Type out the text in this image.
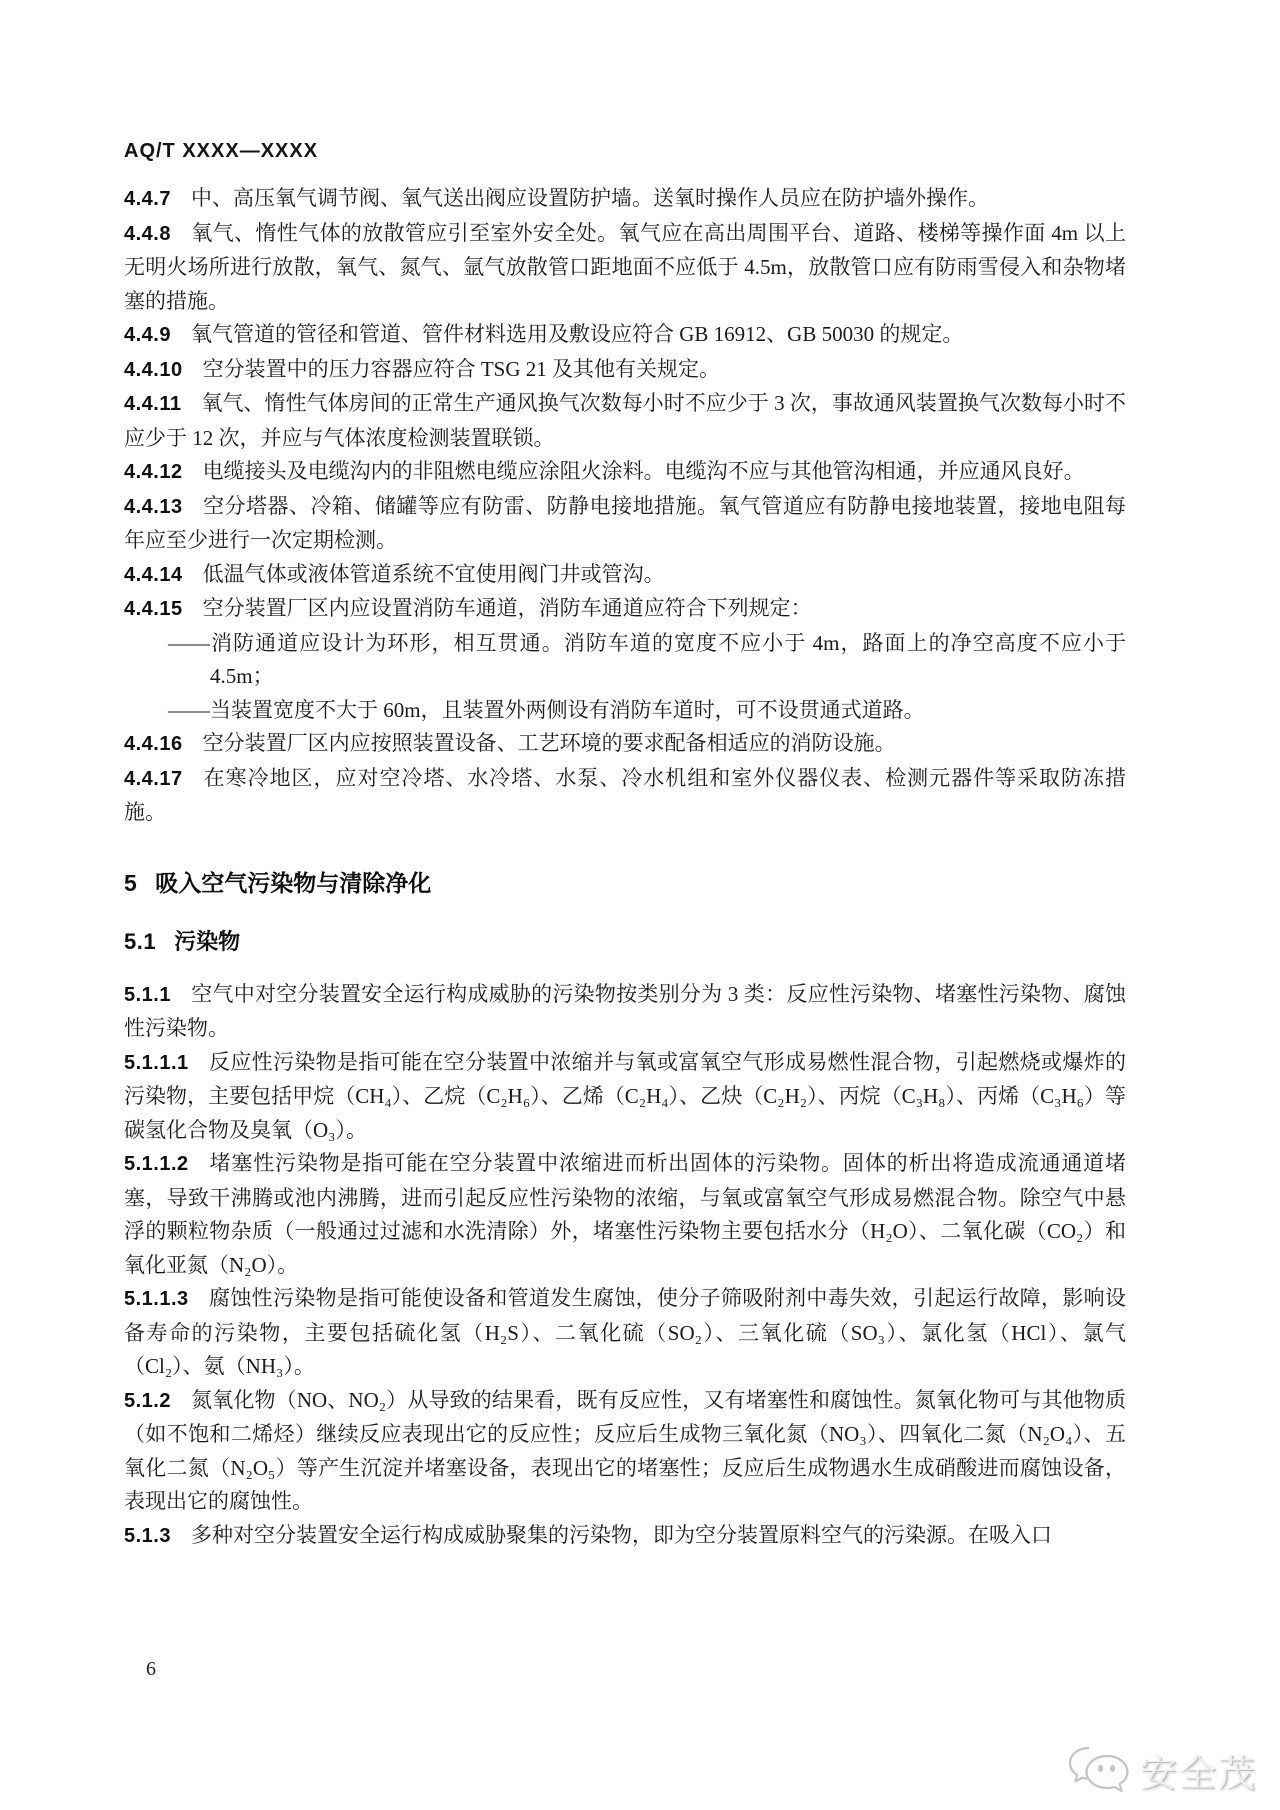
AQ/T XXXX—XXXX

4.4.7 中、高压氧气调节阀、氧气送出阀应设置防护墙。送氧时操作人员应在防护墙外操作。

4.4.8 氧气、惰性气体的放散管应引至室外安全处。氧气应在高出周围平台、道路、楼梯等操作面 4m 以上无明火场所进行放散，氧气、氮气、氩气放散管口距地面不应低于 4.5m，放散管口应有防雨雪侵入和杂物堵塞的措施。

4.4.9 氧气管道的管径和管道、管件材料选用及敷设应符合 GB 16912、GB 50030 的规定。

4.4.10 空分装置中的压力容器应符合 TSG 21 及其他有关规定。

4.4.11 氧气、惰性气体房间的正常生产通风换气次数每小时不应少于 3 次，事故通风装置换气次数每小时不应少于 12 次，并应与气体浓度检测装置联锁。

4.4.12 电缆接头及电缆沟内的非阻燃电缆应涂阻火涂料。电缆沟不应与其他管沟相通，并应通风良好。

4.4.13 空分塔器、冷箱、储罐等应有防雷、防静电接地措施。氧气管道应有防静电接地装置，接地电阻每年应至少进行一次定期检测。

4.4.14 低温气体或液体管道系统不宜使用阀门井或管沟。

4.4.15 空分装置厂区内应设置消防车通道，消防车通道应符合下列规定：

——消防通道应设计为环形，相互贯通。消防车道的宽度不应小于 4m，路面上的净空高度不应小于 4.5m；

——当装置宽度不大于 60m，且装置外两侧设有消防车道时，可不设贯通式道路。

4.4.16 空分装置厂区内应按照装置设备、工艺环境的要求配备相适应的消防设施。

4.4.17 在寒冷地区，应对空冷塔、水冷塔、水泵、冷水机组和室外仪器仪表、检测元器件等采取防冻措施。

5 吸入空气污染物与清除净化

5.1 污染物

5.1.1 空气中对空分装置安全运行构成威胁的污染物按类别分为 3 类：反应性污染物、堵塞性污染物、腐蚀性污染物。

5.1.1.1 反应性污染物是指可能在空分装置中浓缩并与氧或富氧空气形成易燃性混合物，引起燃烧或爆炸的污染物，主要包括甲烷（CH₄）、乙烷（C₂H₆）、乙烯（C₂H₄）、乙炔（C₂H₂）、丙烷（C₃H₈）、丙烯（C₃H₆）等碳氢化合物及臭氧（O₃）。

5.1.1.2 堵塞性污染物是指可能在空分装置中浓缩进而析出固体的污染物。固体的析出将造成流通通道堵塞，导致干沸腾或池内沸腾，进而引起反应性污染物的浓缩，与氧或富氧空气形成易燃混合物。除空气中悬浮的颗粒物杂质（一般通过过滤和水洗清除）外，堵塞性污染物主要包括水分（H₂O）、二氧化碳（CO₂）和氧化亚氮（N₂O）。

5.1.1.3 腐蚀性污染物是指可能使设备和管道发生腐蚀，使分子筛吸附剂中毒失效，引起运行故障，影响设备寿命的污染物，主要包括硫化氢（H₂S）、二氧化硫（SO₂）、三氧化硫（SO₃）、氯化氢（HCl）、氯气（Cl₂）、氨（NH₃）。

5.1.2 氮氧化物（NO、NO₂）从导致的结果看，既有反应性，又有堵塞性和腐蚀性。氮氧化物可与其他物质（如不饱和二烯烃）继续反应表现出它的反应性；反应后生成物三氧化氮（NO₃）、四氧化二氮（N₂O₄）、五氧化二氮（N₂O₅）等产生沉淀并堵塞设备，表现出它的堵塞性；反应后生成物遇水生成硝酸进而腐蚀设备，表现出它的腐蚀性。

5.1.3 多种对空分装置安全运行构成威胁聚集的污染物，即为空分装置原料空气的污染源。在吸入口

6
安全茂
